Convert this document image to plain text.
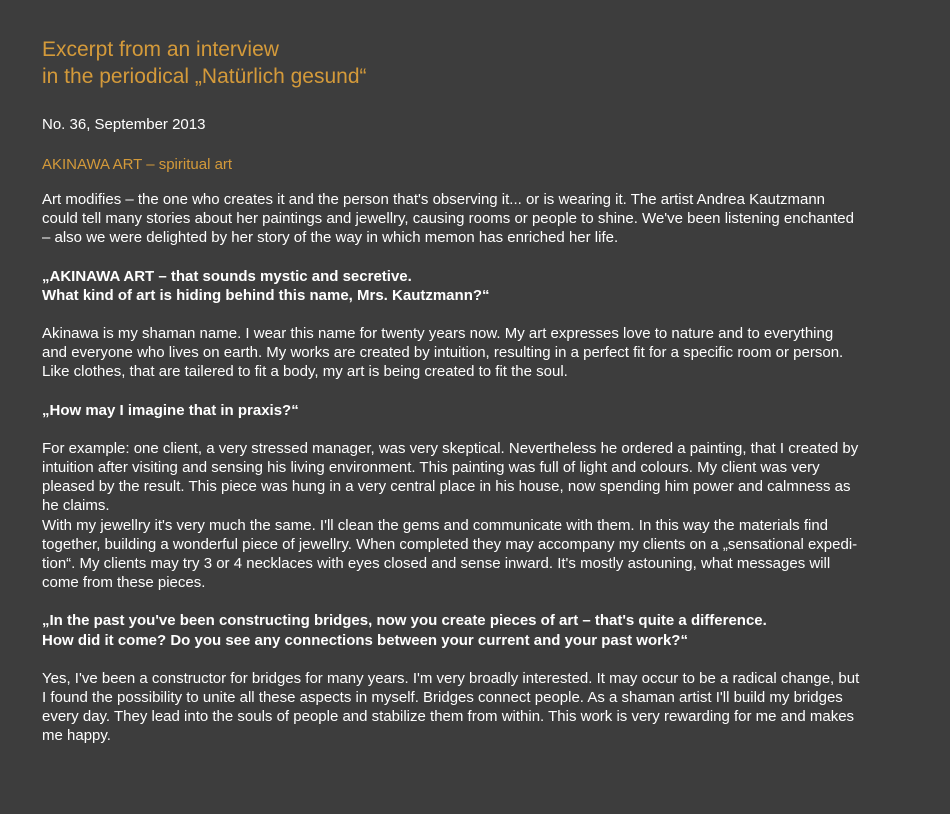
Excerpt from an interview
in the periodical „Natürlich gesund“

No. 36, September 2013

AKINAWA ART – spiritual art

Art modifies – the one who creates it and the person that's observing it... or is wearing it. The artist Andrea Kautzmann
could tell many stories about her paintings and jewellry, causing rooms or people to shine. We've been listening enchanted
– also we were delighted by her story of the way in which memon has enriched her life.

„AKINAWA ART – that sounds mystic and secretive.
What kind of art is hiding behind this name, Mrs. Kautzmann?“

Akinawa is my shaman name. I wear this name for twenty years now. My art expresses love to nature and to everything
and everyone who lives on earth. My works are created by intuition, resulting in a perfect fit for a specific room or person.
Like clothes, that are tailered to fit a body, my art is being created to fit the soul.

„How may I imagine that in praxis?“

For example: one client, a very stressed manager, was very skeptical. Nevertheless he ordered a painting, that I created by
intuition after visiting and sensing his living environment. This painting was full of light and colours. My client was very
pleased by the result. This piece was hung in a very central place in his house, now spending him power and calmness as
he claims.
With my jewellry it's very much the same. I'll clean the gems and communicate with them. In this way the materials find
together, building a wonderful piece of jewellry. When completed they may accompany my clients on a „sensational expedi-
tion“. My clients may try 3 or 4 necklaces with eyes closed and sense inward. It's mostly astouning, what messages will
come from these pieces.

„In the past you've been constructing bridges, now you create pieces of art – that's quite a difference.
How did it come? Do you see any connections between your current and your past work?“

Yes, I've been a constructor for bridges for many years. I'm very broadly interested. It may occur to be a radical change, but
I found the possibility to unite all these aspects in myself. Bridges connect people. As a shaman artist I'll build my bridges
every day. They lead into the souls of people and stabilize them from within. This work is very rewarding for me and makes
me happy.
